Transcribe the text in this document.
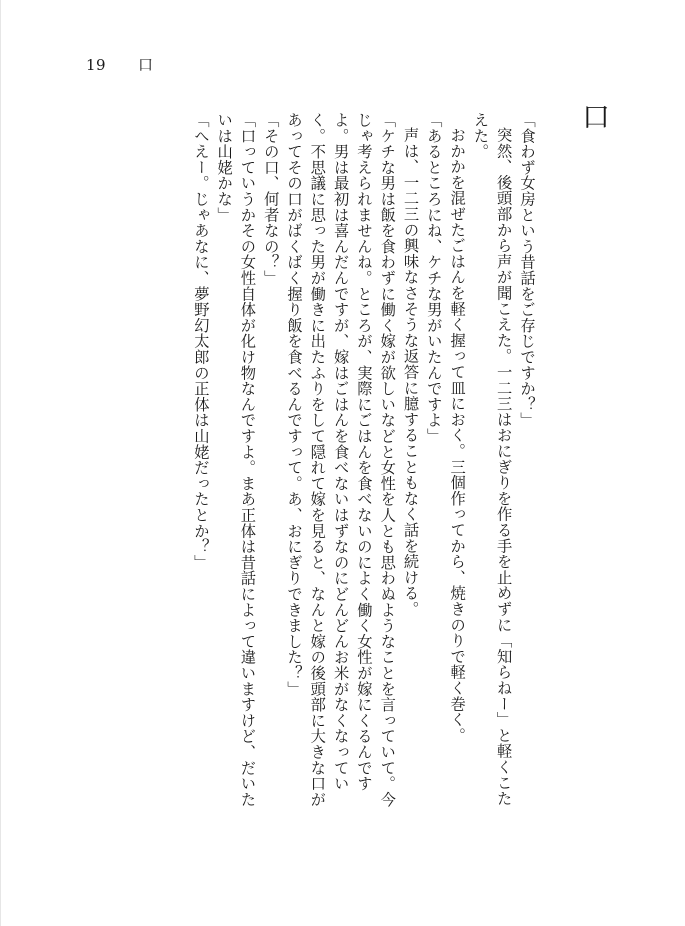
19 口
口

「食わず女房という昔話をご存じですか？」

突然、後頭部から声が聞こえた。一二三はおにぎりを作る手を止めずに「知らねー」と軽くこたえた。

おかかを混ぜたごはんを軽く握って皿におく。三個作ってから、焼きのりで軽く巻く。

「あるところにね、ケチな男がいたんですよ」

声は、一二三の興味なさそうな返答に臆することもなく話を続ける。

「ケチな男は飯を食わずに働く嫁が欲しいなどと女性を人とも思わぬようなことを言っていて。今じゃ考えられませんね。ところが、実際にごはんを食べないのによく働く女性が嫁にくるんですよ。男は最初は喜んだんですが、嫁はごはんを食べないはずなのにどんどんお米がなくなっていく。不思議に思った男が働きに出たふりをして隠れて嫁を見ると、なんと嫁の後頭部に大きな口があってその口がばくばく握り飯を食べるんですって。あ、おにぎりできました？」

「その口、何者なの？」

「口っていうかその女性自体が化け物なんですよ。まあ正体は昔話によって違いますけど、だいたいは山姥かな」

「へえー。じゃあなに、夢野幻太郎の正体は山姥だったとか？」
